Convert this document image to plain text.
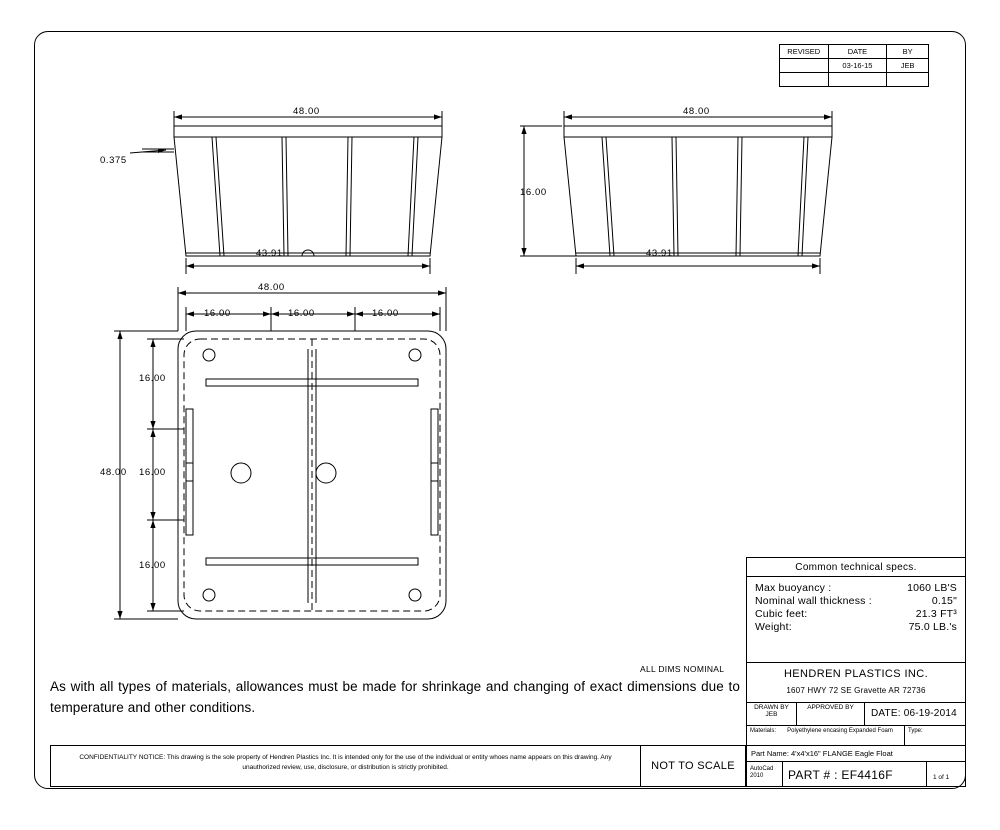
REVISED	DATE	BY
	03-16-15	JEB

48.00
43.91
0.375
48.00
43.91
16.00
48.00
48.00
16.00	16.00	16.00
16.00
16.00
16.00
ALL DIMS NOMINAL
As with all types of materials, allowances must be made for shrinkage and changing of exact dimensions due to temperature and other conditions.
Common technical specs.
Max buoyancy :	1060 LB'S
Nominal wall thickness :	0.15"
Cubic feet:	21.3 FT³
Weight:	75.0 LB.'s
HENDREN PLASTICS INC.
1607 HWY 72 SE Gravette AR 72736
DRAWN BY
JEB
APPROVED BY
DATE: 06-19-2014
Materials:	Polyethylene encasing Expanded Foam	Type:
Part Name: 4'x4'x16" FLANGE Eagle Float
AutoCad 2010	PART # : EF4416F	1 of 1
CONFIDENTIALITY NOTICE: This drawing is the sole property of Hendren Plastics Inc. It is intended only for the use of the individual or entity whoes name appears on this drawing. Any unauthorized review, use, disclosure, or distribution is strictly prohibited.	NOT TO SCALE
